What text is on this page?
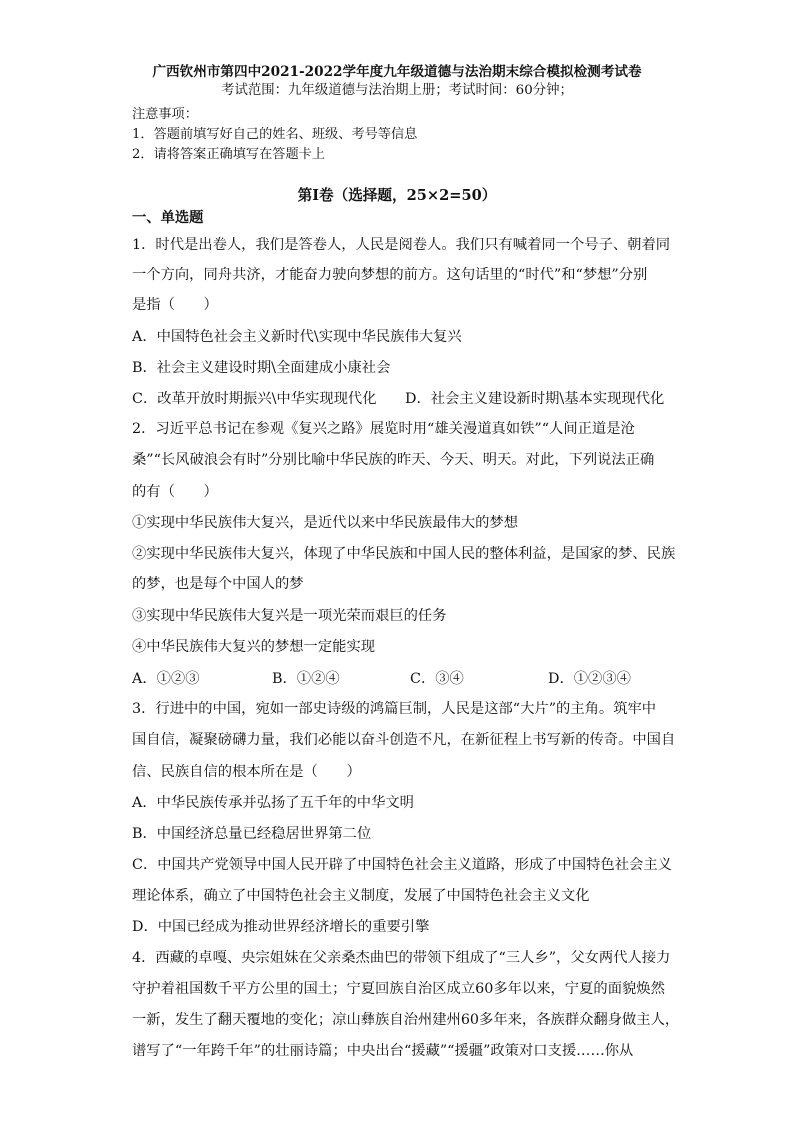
广西钦州市第四中2021-2022学年度九年级道德与法治期末综合模拟检测考试卷
考试范围：九年级道德与法治期上册；考试时间：60分钟；
注意事项：
1．答题前填写好自己的姓名、班级、考号等信息
2．请将答案正确填写在答题卡上
第I卷（选择题，25×2=50）
一、单选题
1．时代是出卷人，我们是答卷人，人民是阅卷人。我们只有喊着同一个号子、朝着同
一个方向，同舟共济，才能奋力驶向梦想的前方。这句话里的“时代”和“梦想”分别
是指（　　）
A．中国特色社会主义新时代\实现中华民族伟大复兴
B．社会主义建设时期\全面建成小康社会
C．改革开放时期振兴\中华实现现代化 D．社会主义建设新时期\基本实现现代化
2．习近平总书记在参观《复兴之路》展览时用“雄关漫道真如铁”“人间正道是沧
桑”“长风破浪会有时”分别比喻中华民族的昨天、今天、明天。对此，下列说法正确
的有（　　）
①实现中华民族伟大复兴，是近代以来中华民族最伟大的梦想
②实现中华民族伟大复兴，体现了中华民族和中国人民的整体利益，是国家的梦、民族
的梦，也是每个中国人的梦
③实现中华民族伟大复兴是一项光荣而艰巨的任务
④中华民族伟大复兴的梦想一定能实现
A．①②③	B．①②④	C．③④	D．①②③④
3．行进中的中国，宛如一部史诗级的鸿篇巨制，人民是这部“大片”的主角。筑牢中
国自信，凝聚磅礴力量，我们必能以奋斗创造不凡，在新征程上书写新的传奇。中国自
信、民族自信的根本所在是（　　）
A．中华民族传承并弘扬了五千年的中华文明
B．中国经济总量已经稳居世界第二位
C．中国共产党领导中国人民开辟了中国特色社会主义道路，形成了中国特色社会主义
理论体系，确立了中国特色社会主义制度，发展了中国特色社会主义文化
D．中国已经成为推动世界经济增长的重要引擎
4．西藏的卓嘎、央宗姐妹在父亲桑杰曲巴的带领下组成了“三人乡”，父女两代人接力
守护着祖国数千平方公里的国土；宁夏回族自治区成立60多年以来，宁夏的面貌焕然
一新，发生了翻天覆地的变化；凉山彝族自治州建州60多年来，各族群众翻身做主人，
谱写了“一年跨千年”的壮丽诗篇；中央出台“援藏”“援疆”政策对口支援……你从
